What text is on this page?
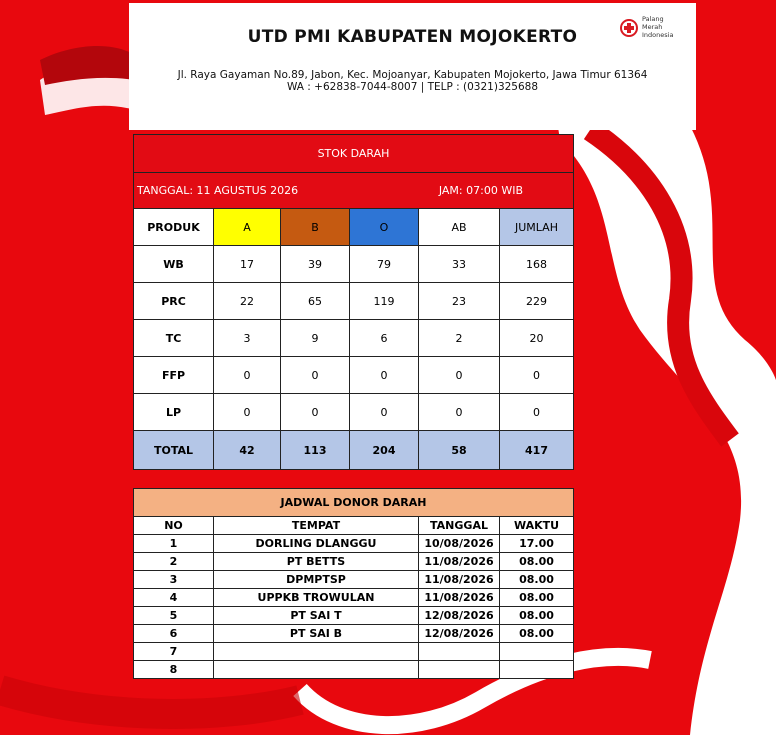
UTD PMI KABUPATEN MOJOKERTO
Palang
Merah
Indonesia
Jl. Raya Gayaman No.89, Jabon, Kec. Mojoanyar, Kabupaten Mojokerto, Jawa Timur 61364
WA : +62838-7044-8007 | TELP : (0321)325688
STOK DARAH					

TANGGAL: 11 AGUSTUS 2026 JAM: 07:00 WIB					

PRODUK	A	B	O	AB	JUMLAH
WB	17	39	79	33	168
PRC	22	65	119	23	229
TC	3	9	6	2	20
FFP	0	0	0	0	0
LP	0	0	0	0	0
TOTAL	42	113	204	58	417
JADWAL DONOR DARAH			
NO	TEMPAT	TANGGAL	WAKTU
1	DORLING DLANGGU	10/08/2026	17.00
2	PT BETTS	11/08/2026	08.00
3	DPMPTSP	11/08/2026	08.00
4	UPPKB TROWULAN	11/08/2026	08.00
5	PT SAI T	12/08/2026	08.00
6	PT SAI B	12/08/2026	08.00
7			
8			
